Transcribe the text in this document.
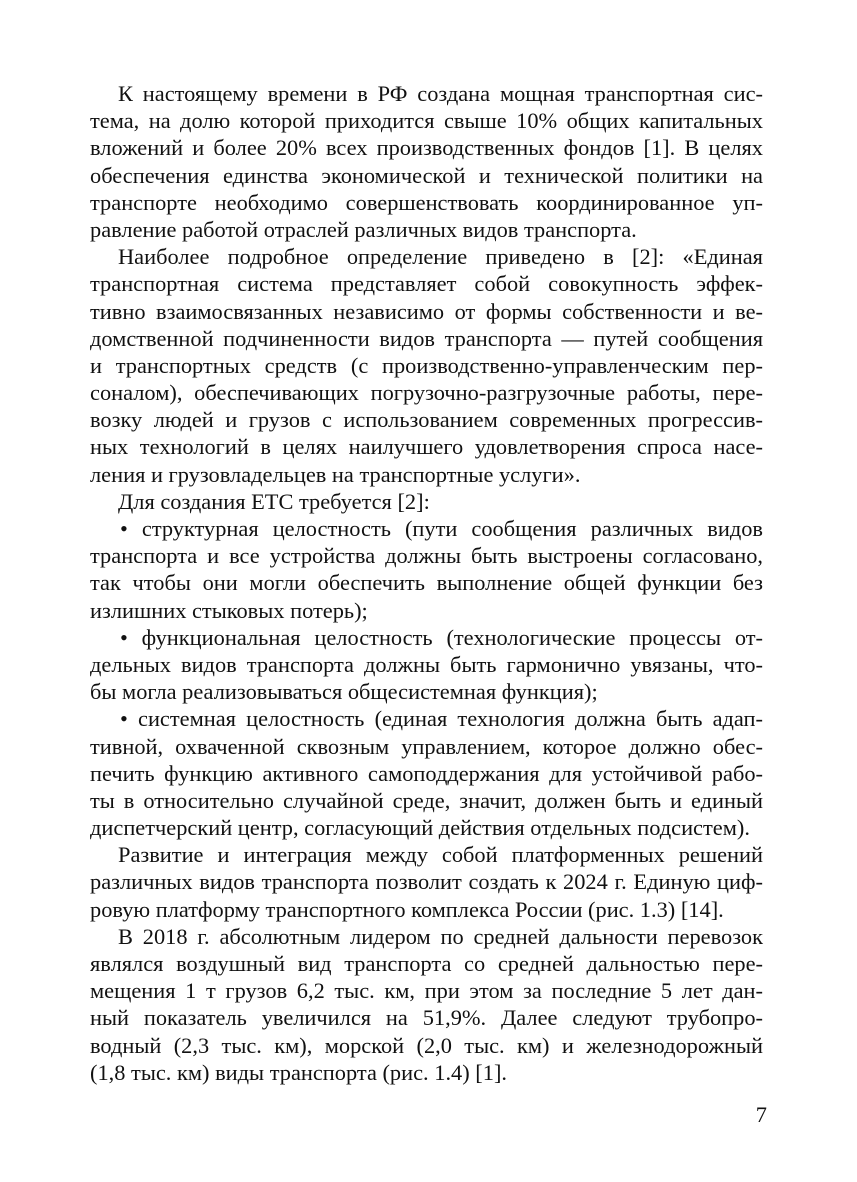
К настоящему времени в РФ создана мощная транспортная сис-
тема, на долю которой приходится свыше 10% общих капитальных
вложений и более 20% всех производственных фондов [1]. В целях
обеспечения единства экономической и технической политики на
транспорте необходимо совершенствовать координированное уп-
равление работой отраслей различных видов транспорта.
Наиболее подробное определение приведено в [2]: «Единая
транспортная система представляет собой совокупность эффек-
тивно взаимосвязанных независимо от формы собственности и ве-
домственной подчиненности видов транспорта — путей сообщения
и транспортных средств (с производственно-управленческим пер-
соналом), обеспечивающих погрузочно-разгрузочные работы, пере-
возку людей и грузов с использованием современных прогрессив-
ных технологий в целях наилучшего удовлетворения спроса насе-
ления и грузовладельцев на транспортные услуги».
Для создания ЕТС требуется [2]:
• структурная целостность (пути сообщения различных видов
транспорта и все устройства должны быть выстроены согласовано,
так чтобы они могли обеспечить выполнение общей функции без
излишних стыковых потерь);
• функциональная целостность (технологические процессы от-
дельных видов транспорта должны быть гармонично увязаны, что-
бы могла реализовываться общесистемная функция);
• системная целостность (единая технология должна быть адап-
тивной, охваченной сквозным управлением, которое должно обес-
печить функцию активного самоподдержания для устойчивой рабо-
ты в относительно случайной среде, значит, должен быть и единый
диспетчерский центр, согласующий действия отдельных подсистем).
Развитие и интеграция между собой платформенных решений
различных видов транспорта позволит создать к 2024 г. Единую циф-
ровую платформу транспортного комплекса России (рис. 1.3) [14].
В 2018 г. абсолютным лидером по средней дальности перевозок
являлся воздушный вид транспорта со средней дальностью пере-
мещения 1 т грузов 6,2 тыс. км, при этом за последние 5 лет дан-
ный показатель увеличился на 51,9%. Далее следуют трубопро-
водный (2,3 тыс. км), морской (2,0 тыс. км) и железнодорожный
(1,8 тыс. км) виды транспорта (рис. 1.4) [1].
7
